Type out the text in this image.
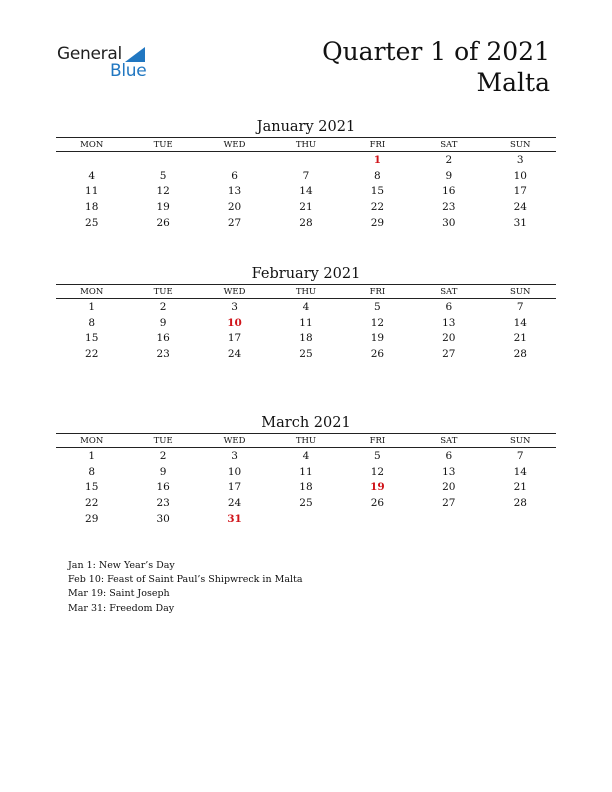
General
Blue
Quarter 1 of 2021
Malta
January 2021
MON	TUE	WED	THU	FRI	SAT	SUN
				1	2	3
4	5	6	7	8	9	10
11	12	13	14	15	16	17
18	19	20	21	22	23	24
25	26	27	28	29	30	31
February 2021
MON	TUE	WED	THU	FRI	SAT	SUN
1	2	3	4	5	6	7
8	9	10	11	12	13	14
15	16	17	18	19	20	21
22	23	24	25	26	27	28
March 2021
MON	TUE	WED	THU	FRI	SAT	SUN
1	2	3	4	5	6	7
8	9	10	11	12	13	14
15	16	17	18	19	20	21
22	23	24	25	26	27	28
29	30	31				
Jan 1: New Year’s Day
Feb 10: Feast of Saint Paul’s Shipwreck in Malta
Mar 19: Saint Joseph
Mar 31: Freedom Day
